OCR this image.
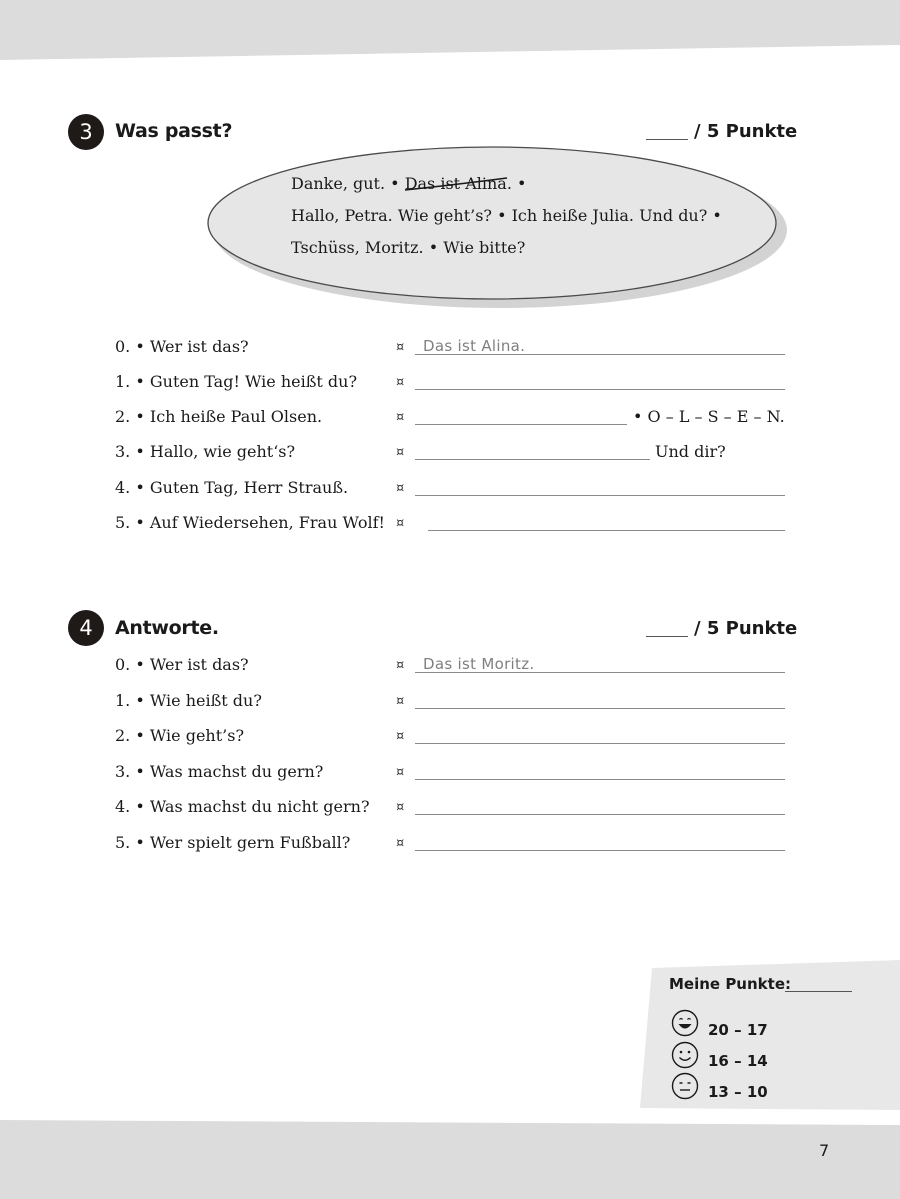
3	Was passt?	/ 5 Punkte
Danke, gut. • Das ist Alina. •
Hallo, Petra. Wie geht’s? • Ich heiße Julia. Und du? •
Tschüss, Moritz. • Wie bitte?
0. • Wer ist das?	¤ Das ist Alina.
1. • Guten Tag! Wie heißt du?	¤
2. • Ich heiße Paul Olsen.	¤	• O – L – S – E – N.
3. • Hallo, wie geht‘s?	¤	Und dir?
4. • Guten Tag, Herr Strauß.	¤
5. • Auf Wiedersehen, Frau Wolf! ¤
4	Antworte.	/ 5 Punkte
0. • Wer ist das?	¤ Das ist Moritz.
1. • Wie heißt du?	¤
2. • Wie geht’s?	¤
3. • Was machst du gern?	¤
4. • Was machst du nicht gern? ¤
5. • Wer spielt gern Fußball?	¤
Meine Punkte:
20 – 17
16 – 14
13 – 10
7
